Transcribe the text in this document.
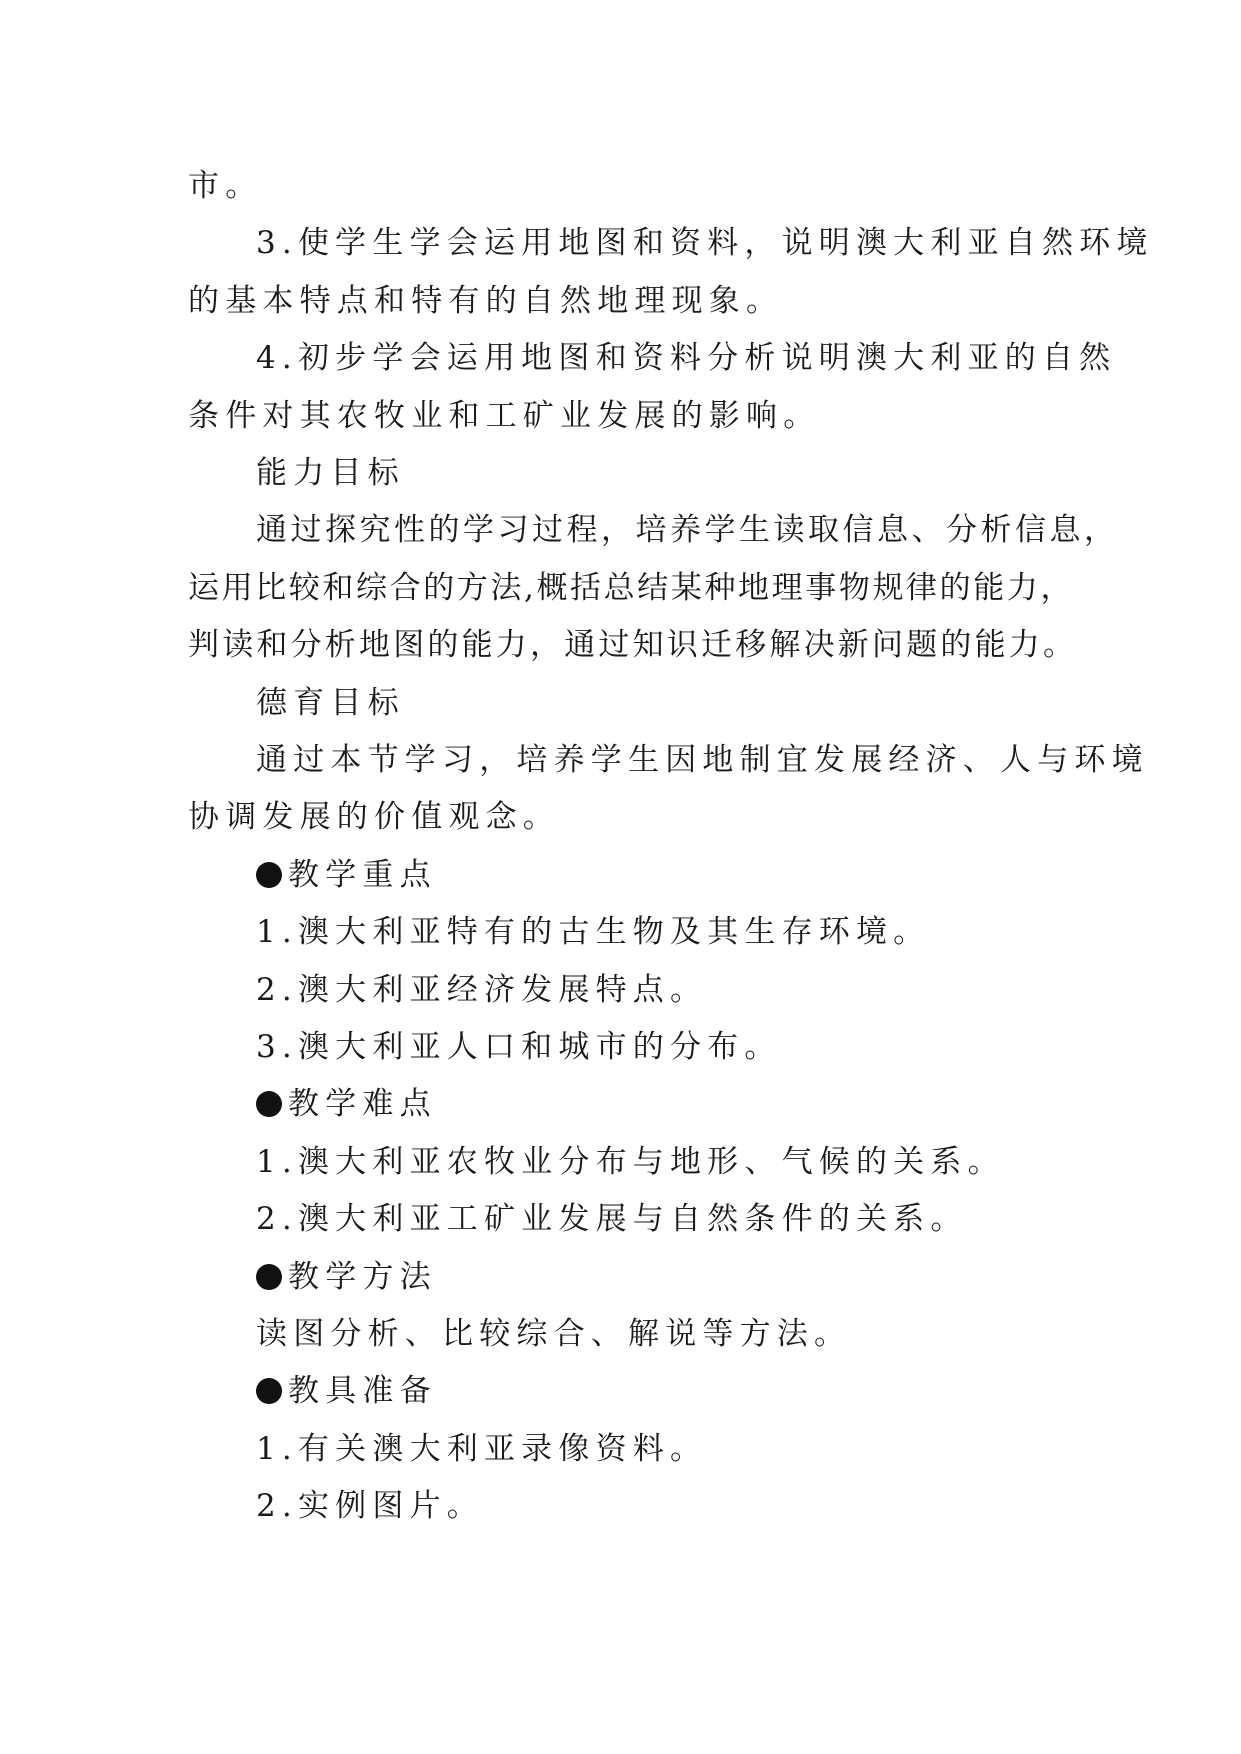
市。
3.使学生学会运用地图和资料，说明澳大利亚自然环境
的基本特点和特有的自然地理现象。
4.初步学会运用地图和资料分析说明澳大利亚的自然
条件对其农牧业和工矿业发展的影响。
能力目标
通过探究性的学习过程，培养学生读取信息、分析信息，
运用比较和综合的方法,概括总结某种地理事物规律的能力，
判读和分析地图的能力，通过知识迁移解决新问题的能力。
德育目标
通过本节学习，培养学生因地制宜发展经济、人与环境
协调发展的价值观念。
教学重点
1.澳大利亚特有的古生物及其生存环境。
2.澳大利亚经济发展特点。
3.澳大利亚人口和城市的分布。
教学难点
1.澳大利亚农牧业分布与地形、气候的关系。
2.澳大利亚工矿业发展与自然条件的关系。
教学方法
读图分析、比较综合、解说等方法。
教具准备
1.有关澳大利亚录像资料。
2.实例图片。
